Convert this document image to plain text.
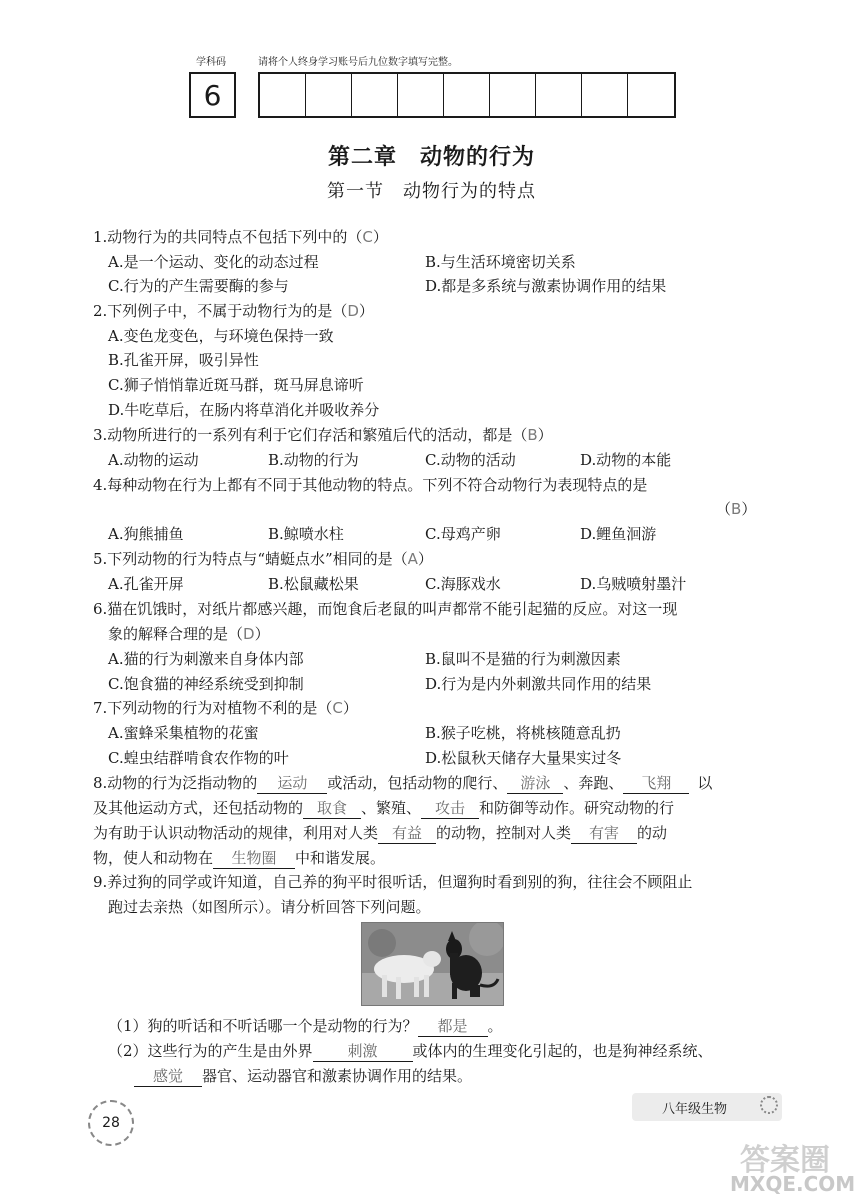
学科码	请将个人终身学习账号后九位数字填写完整。
6
第二章　动物的行为
第一节　动物行为的特点
1.动物行为的共同特点不包括下列中的（C）
A.是一个运动、变化的动态过程	B.与生活环境密切关系
C.行为的产生需要酶的参与	D.都是多系统与激素协调作用的结果
2.下列例子中，不属于动物行为的是（D）
A.变色龙变色，与环境色保持一致
B.孔雀开屏，吸引异性
C.狮子悄悄靠近斑马群，斑马屏息谛听
D.牛吃草后，在肠内将草消化并吸收养分
3.动物所进行的一系列有利于它们存活和繁殖后代的活动，都是（B）
A.动物的运动	B.动物的行为	C.动物的活动	D.动物的本能
4.每种动物在行为上都有不同于其他动物的特点。下列不符合动物行为表现特点的是
（B）
A.狗熊捕鱼	B.鲸喷水柱	C.母鸡产卵	D.鲤鱼洄游
5.下列动物的行为特点与“蜻蜓点水”相同的是（A）
A.孔雀开屏	B.松鼠藏松果	C.海豚戏水	D.乌贼喷射墨汁
6.猫在饥饿时，对纸片都感兴趣，而饱食后老鼠的叫声都常不能引起猫的反应。对这一现
象的解释合理的是（D）
A.猫的行为刺激来自身体内部	B.鼠叫不是猫的行为刺激因素
C.饱食猫的神经系统受到抑制	D.行为是内外刺激共同作用的结果
7.下列动物的行为对植物不利的是（C）
A.蜜蜂采集植物的花蜜	B.猴子吃桃，将桃核随意乱扔
C.蝗虫结群啃食农作物的叶	D.松鼠秋天储存大量果实过冬
8.动物的行为泛指动物的 运动 或活动，包括动物的爬行、 游泳 、奔跑、 飞翔 以
及其他运动方式，还包括动物的 取食 、繁殖、 攻击 和防御等动作。研究动物的行
为有助于认识动物活动的规律，利用对人类 有益 的动物，控制对人类 有害 的动
物，使人和动物在 生物圈 中和谐发展。
9.养过狗的同学或许知道，自己养的狗平时很听话，但遛狗时看到别的狗，往往会不顾阻止
跑过去亲热（如图所示）。请分析回答下列问题。
（1）狗的听话和不听话哪一个是动物的行为？ 都是 。
（2）这些行为的产生是由外界 刺激 或体内的生理变化引起的，也是狗神经系统、
感觉 器官、运动器官和激素协调作用的结果。
28
八年级生物
答案圈
MXQE.COM
